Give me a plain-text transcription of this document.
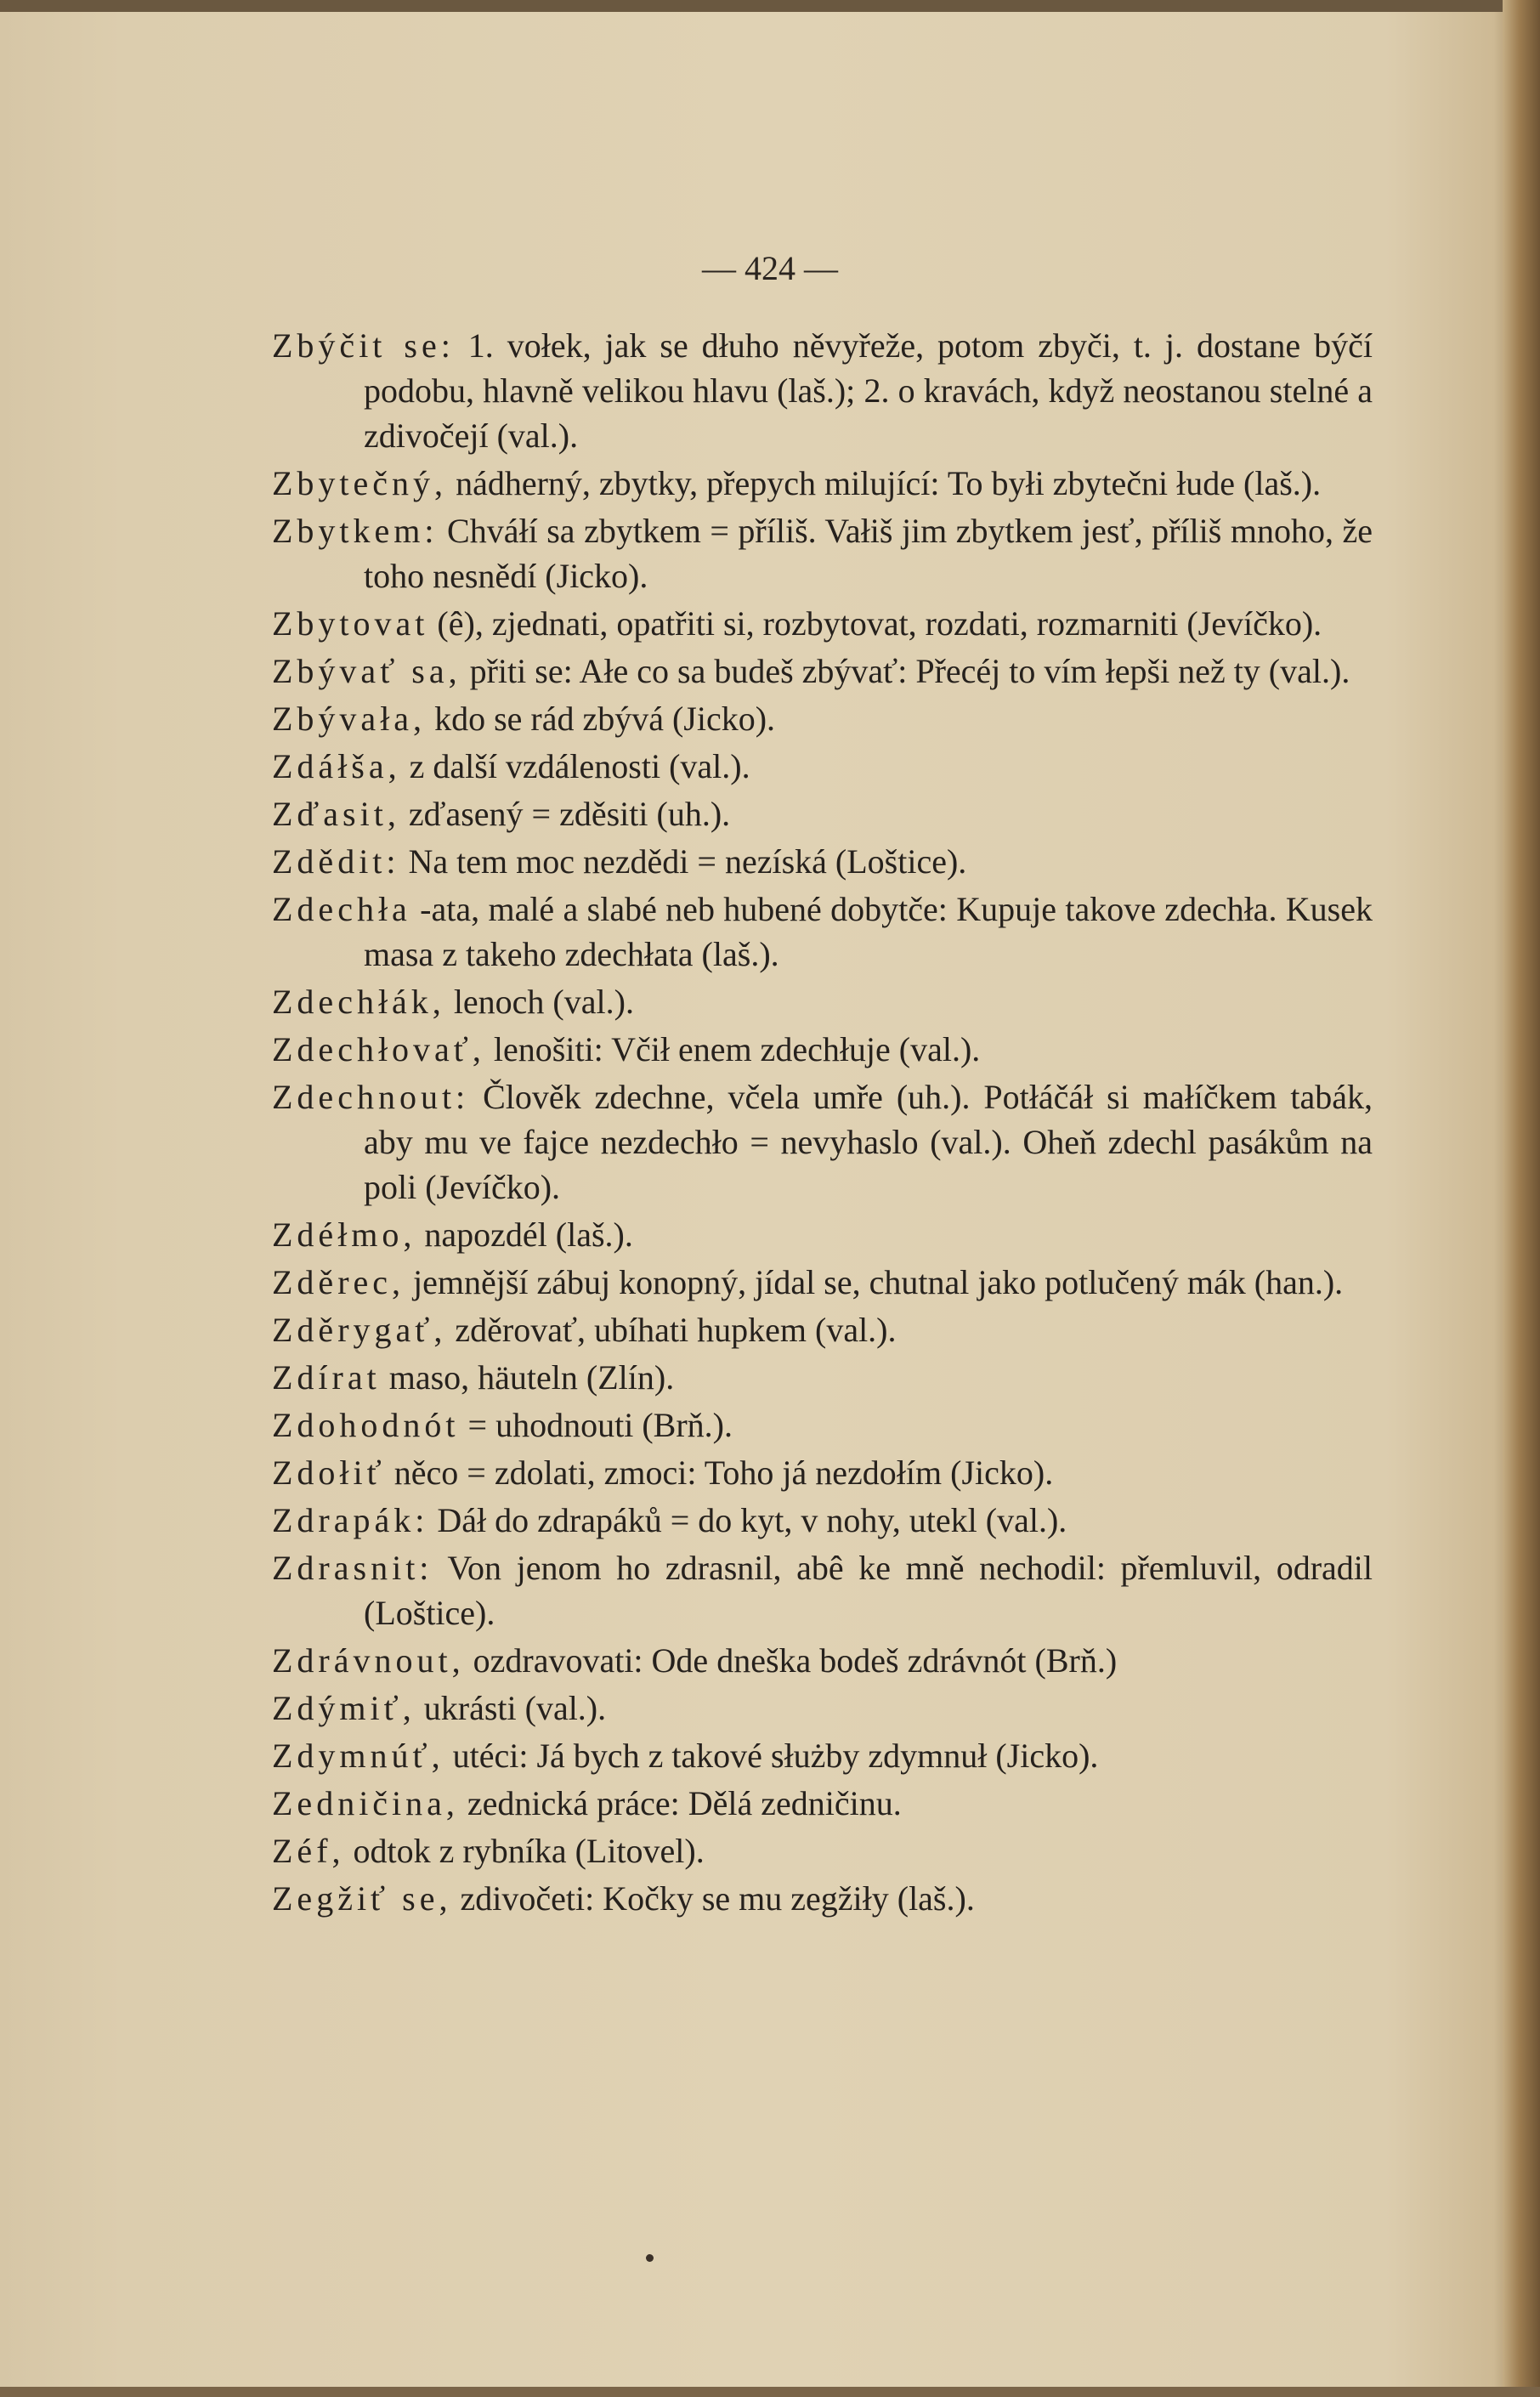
— 424 —

Zbýčit se: 1. vołek, jak se dłuho něvyřeže, potom zbyči, t. j. dostane býčí podobu, hlavně velikou hlavu (laš.); 2. o kravách, když neostanou stelné a zdivočejí (val.).

Zbytečný, nádherný, zbytky, přepych milující: To byłi zbytečni łude (laš.).

Zbytkem: Chváłí sa zbytkem = příliš. Vałiš jim zbytkem jesť, příliš mnoho, že toho nesnědí (Jicko).

Zbytovat (ê), zjednati, opatřiti si, rozbytovat, rozdati, rozmarniti (Jevíčko).

Zbývať sa, přiti se: Ałe co sa budeš zbývať: Přecéj to vím łepši než ty (val.).

Zbývała, kdo se rád zbývá (Jicko).

Zdáłša, z další vzdálenosti (val.).

Zďasit, zďasený = zděsiti (uh.).

Zdědit: Na tem moc nezdědi = nezíská (Loštice).

Zdechła -ata, malé a slabé neb hubené dobytče: Kupuje takove zdechła. Kusek masa z takeho zdechłata (laš.).

Zdechłák, lenoch (val.).

Zdechłovať, lenošiti: Včił enem zdechłuje (val.).

Zdechnout: Člověk zdechne, včela umře (uh.). Potłáčáł si małíčkem tabák, aby mu ve fajce nezdechło = nevyhaslo (val.). Oheň zdechl pasákům na poli (Jevíčko).

Zdéłmo, napozdél (laš.).

Zděrec, jemnější zábuj konopný, jídal se, chutnal jako potlučený mák (han.).

Zděrygať, zděrovať, ubíhati hupkem (val.).

Zdírat maso, häuteln (Zlín).

Zdohodnót = uhodnouti (Brň.).

Zdołiť něco = zdolati, zmoci: Toho já nezdołím (Jicko).

Zdrapák: Dáł do zdrapáků = do kyt, v nohy, utekl (val.).

Zdrasnit: Von jenom ho zdrasnil, abê ke mně nechodil: přemluvil, odradil (Loštice).

Zdrávnout, ozdravovati: Ode dneška bodeš zdrávnót (Brň.)

Zdýmiť, ukrásti (val.).

Zdymnúť, utéci: Já bych z takové służby zdymnuł (Jicko).

Zedničina, zednická práce: Dělá zedničinu.

Zéf, odtok z rybníka (Litovel).

Zegžiť se, zdivočeti: Kočky se mu zegžiły (laš.).
